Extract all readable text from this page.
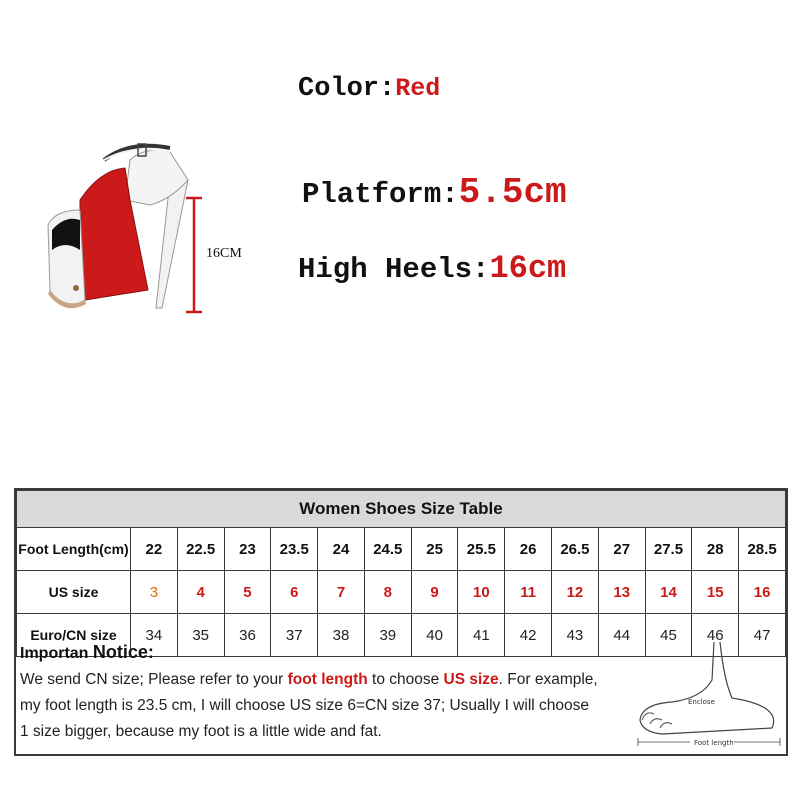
16CM
Color:Red
Platform:5.5cm
High Heels:16cm
Women Shoes Size Table														
Foot Length(cm)	22	22.5	23	23.5	24	24.5	25	25.5	26	26.5	27	27.5	28	28.5
US size	3	4	5	6	7	8	9	10	11	12	13	14	15	16
Euro/CN size	34	35	36	37	38	39	40	41	42	43	44	45	46	47
Importan Notice:
We send CN size; Please refer to your foot length to choose US size. For example,
my foot length is 23.5 cm, I will choose US size 6=CN size 37; Usually I will choose
1 size bigger, because my foot is a little wide and fat.
Enclose
Foot length
